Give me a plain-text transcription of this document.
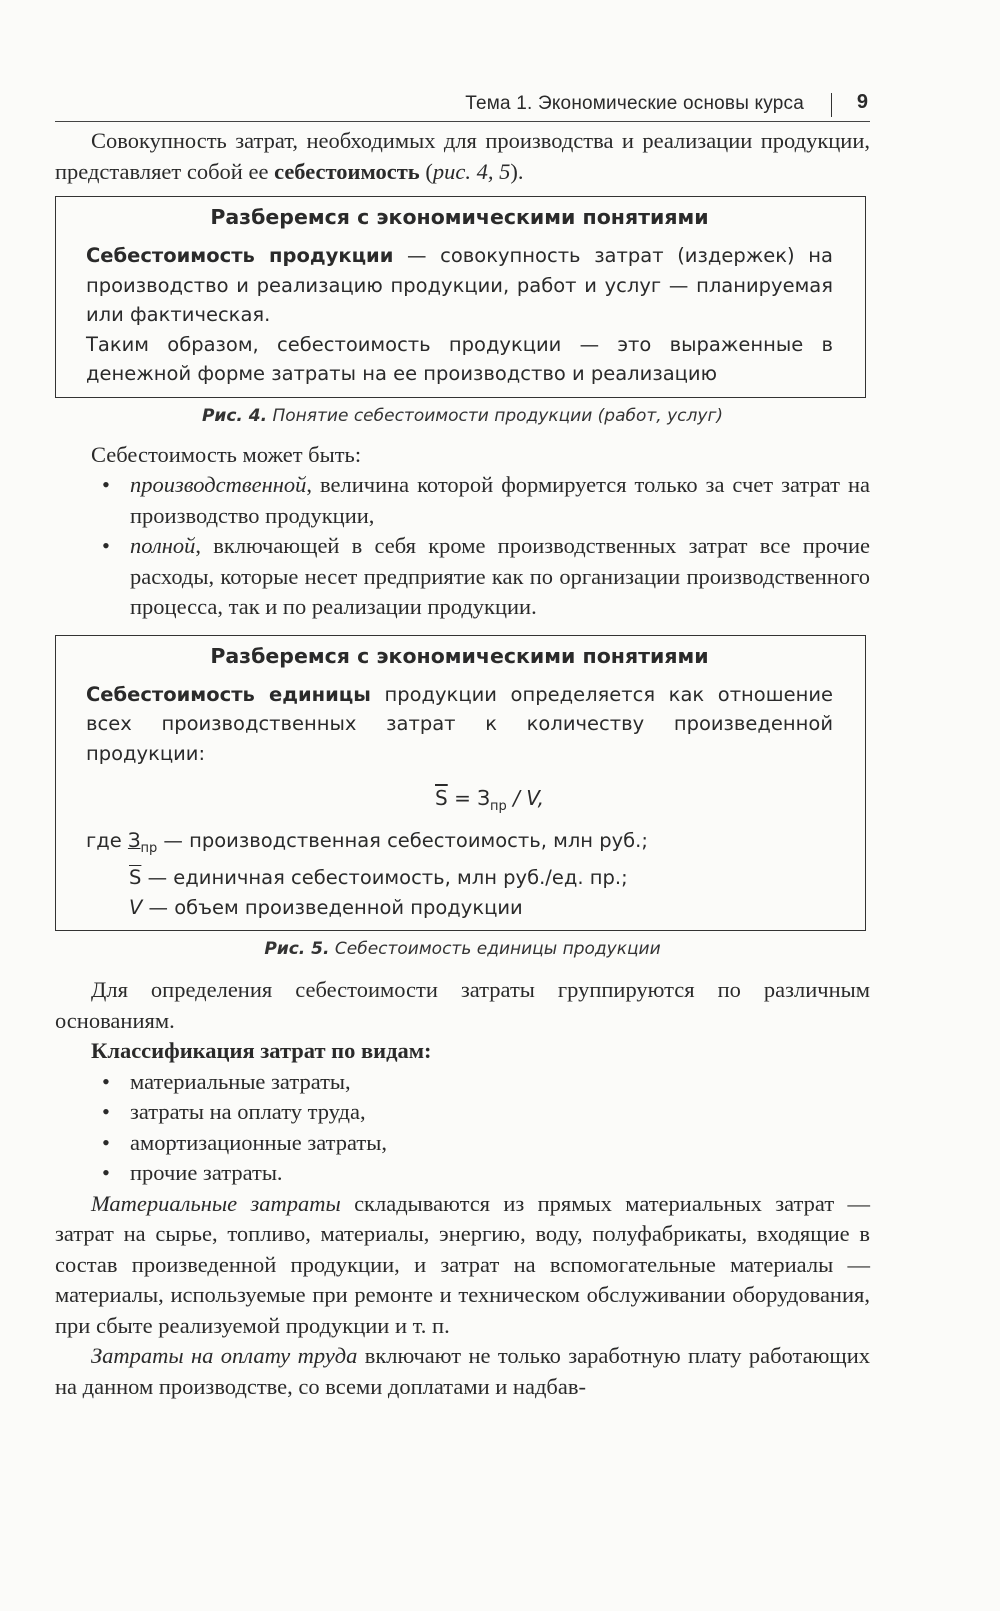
Тема 1. Экономические основы курса	9

Совокупность затрат, необходимых для производства и реализации продукции, представляет собой ее себестоимость (рис. 4, 5).

Разберемся с экономическими понятиями

Себестоимость продукции — совокупность затрат (издержек) на производство и реализацию продукции, работ и услуг — планируемая или фактическая.

Таким образом, себестоимость продукции — это выраженные в денежной форме затраты на ее производство и реализацию

Рис. 4. Понятие себестоимости продукции (работ, услуг)

Себестоимость может быть:

• производственной, величина которой формируется только за счет затрат на производство продукции,

• полной, включающей в себя кроме производственных затрат все прочие расходы, которые несет предприятие как по организации производственного процесса, так и по реализации продукции.

Разберемся с экономическими понятиями

Себестоимость единицы продукции определяется как отношение всех производственных затрат к количеству произведенной продукции:

$\overline{S} = З_{пр} / V$,

где $З_{пр}$ — производственная себестоимость, млн руб.;
$\overline{S}$ — единичная себестоимость, млн руб./ед. пр.;
V — объем произведенной продукции

Рис. 5. Себестоимость единицы продукции

Для определения себестоимости затраты группируются по различным основаниям.

Классификация затрат по видам:

• материальные затраты,

• затраты на оплату труда,

• амортизационные затраты,

• прочие затраты.

Материальные затраты складываются из прямых материальных затрат — затрат на сырье, топливо, материалы, энергию, воду, полуфабрикаты, входящие в состав произведенной продукции, и затрат на вспомогательные материалы — материалы, используемые при ремонте и техническом обслуживании оборудования, при сбыте реализуемой продукции и т. п.

Затраты на оплату труда включают не только заработную плату работающих на данном производстве, со всеми доплатами и надбав-
